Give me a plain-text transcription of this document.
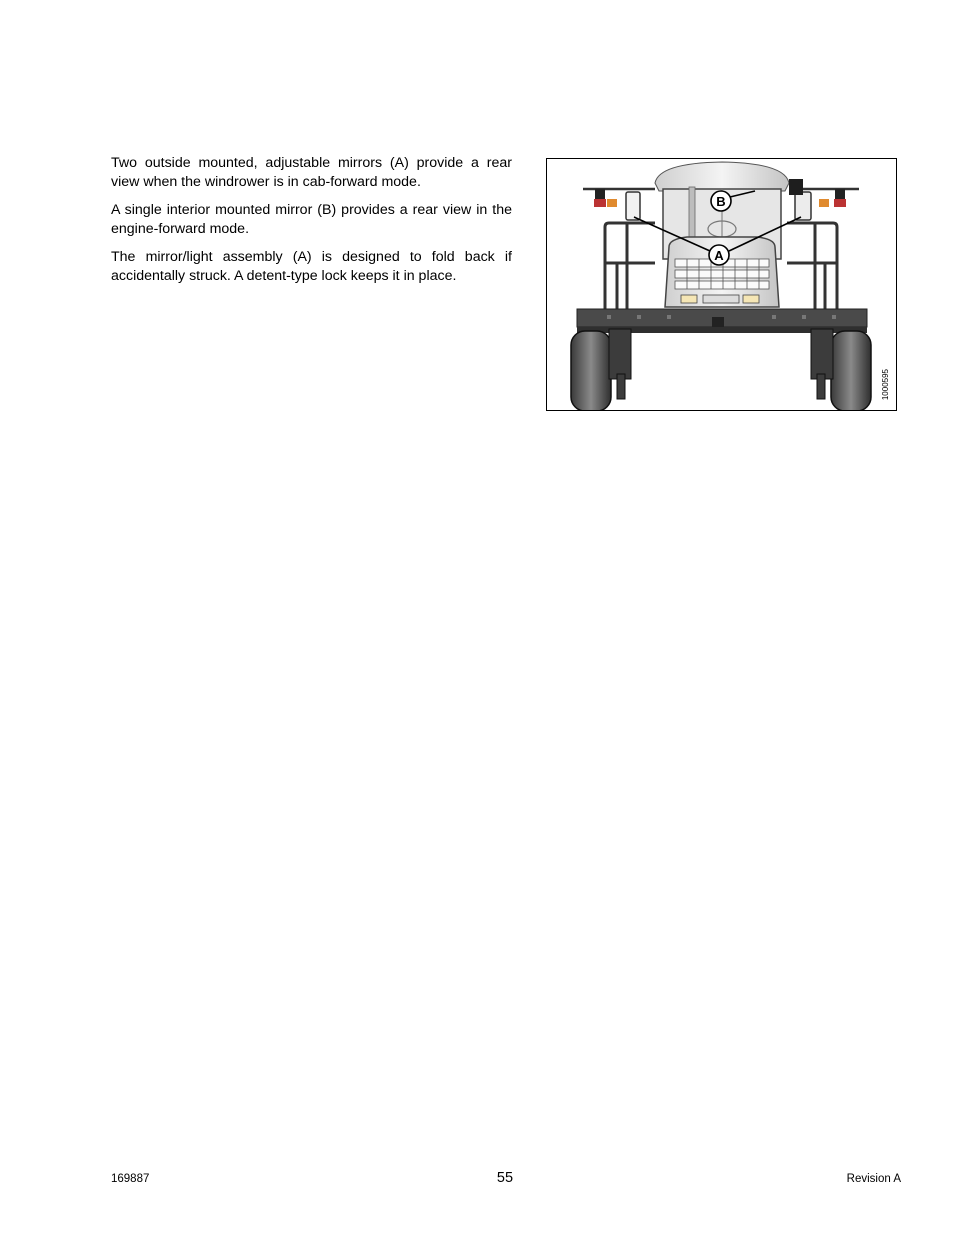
Two outside mounted, adjustable mirrors (A) provide a rear view when the windrower is in cab-forward mode.

A single interior mounted mirror (B) provides a rear view in the engine-forward mode.

The mirror/light assembly (A) is designed to fold back if accidentally struck. A detent-type lock keeps it in place.

B
A
1000595
169887	55	Revision A
